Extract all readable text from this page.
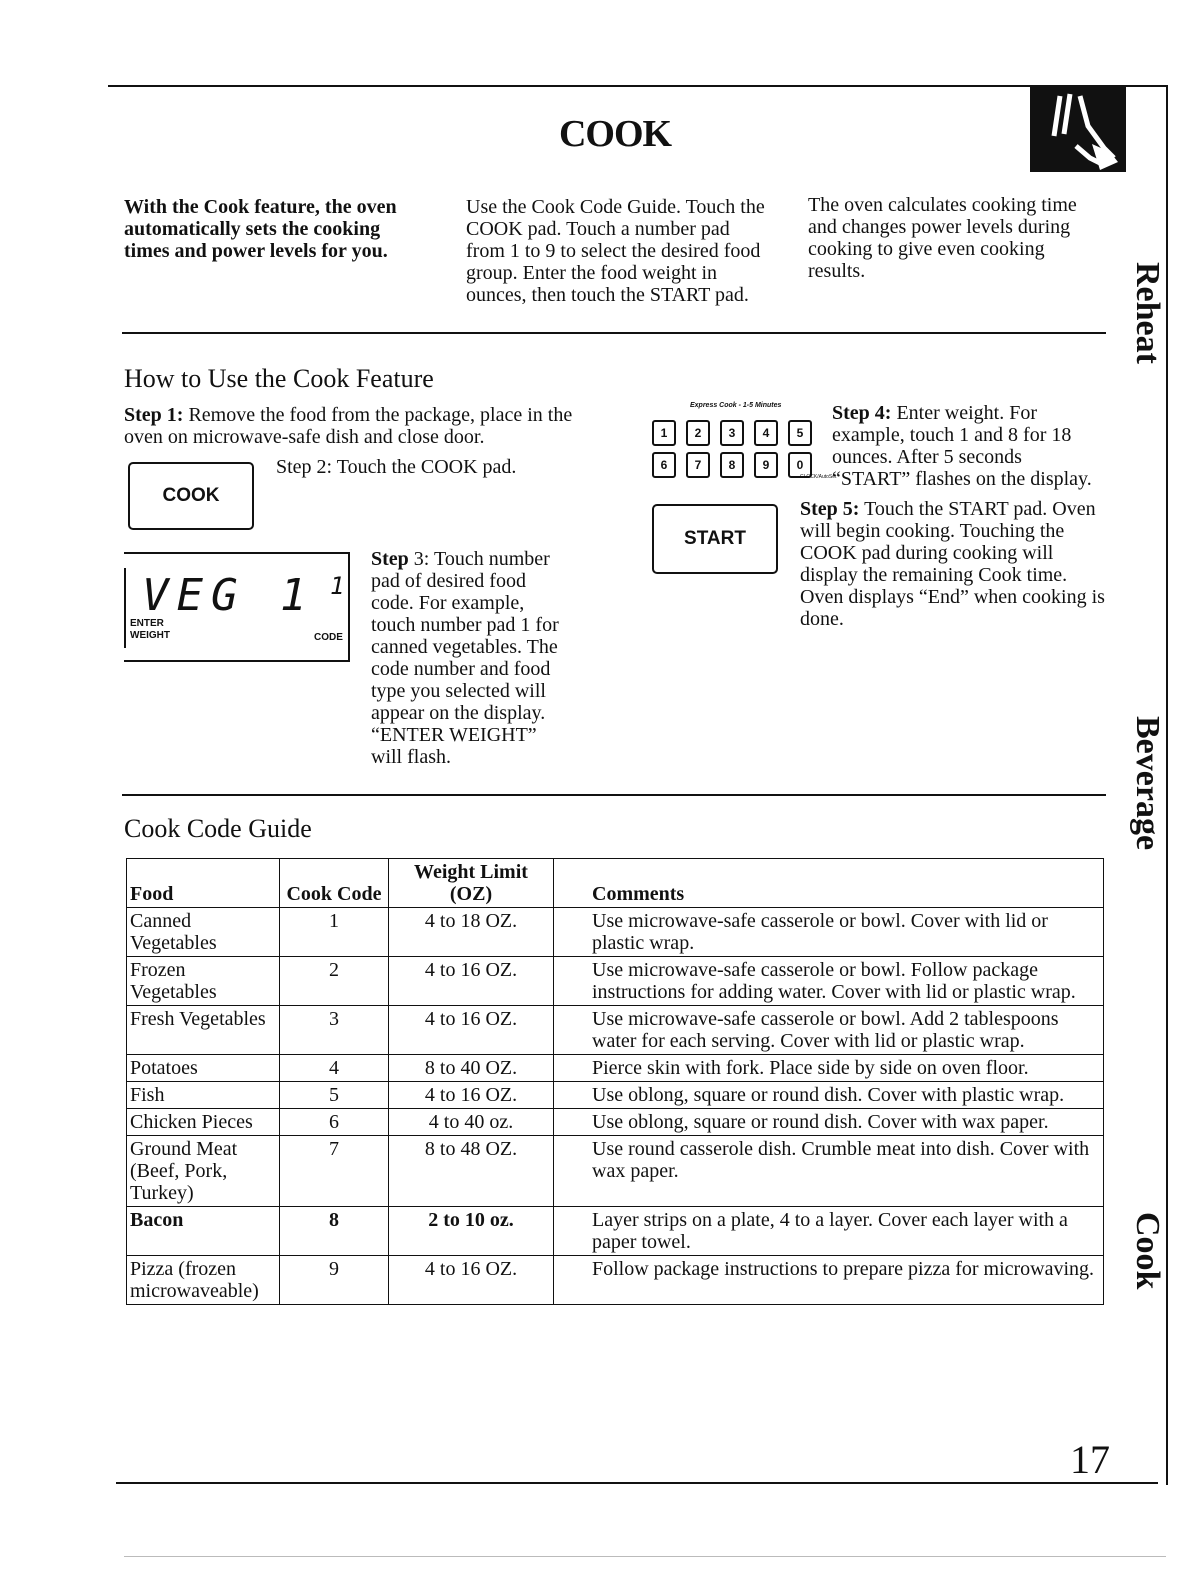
COOK
With the Cook feature, the oven automatically sets the cooking times and power levels for you.
Use the Cook Code Guide. Touch the COOK pad. Touch a number pad from 1 to 9 to select the desired food group. Enter the food weight in ounces, then touch the START pad.
The oven calculates cooking time and changes power levels during cooking to give even cooking results.
How to Use the Cook Feature
Step 1: Remove the food from the package, place in the oven on microwave-safe dish and close door.
COOK
Step 2: Touch the COOK pad.
VEG 1 1
ENTER
WEIGHT	CODE
Step 3: Touch number pad of desired food code. For example, touch number pad 1 for canned vegetables. The code number and food type you selected will appear on the display. “ENTER WEIGHT” will flash.
Express Cook - 1-5 Minutes
1	2	3	4	5
6	7	8	9	0
CLOCK/AutoSet
Step 4: Enter weight. For example, touch 1 and 8 for 18 ounces. After 5 seconds “START” flashes on the display.
START
Step 5: Touch the START pad. Oven will begin cooking. Touching the COOK pad during cooking will display the remaining Cook time. Oven displays “End” when cooking is done.
Cook Code Guide
Food	Cook Code	Weight Limit (OZ)	Comments
Canned Vegetables	1	4 to 18 OZ.	Use microwave-safe casserole or bowl. Cover with lid or plastic wrap.
Frozen Vegetables	2	4 to 16 OZ.	Use microwave-safe casserole or bowl. Follow package instructions for adding water. Cover with lid or plastic wrap.
Fresh Vegetables	3	4 to 16 OZ.	Use microwave-safe casserole or bowl. Add 2 tablespoons water for each serving. Cover with lid or plastic wrap.
Potatoes	4	8 to 40 OZ.	Pierce skin with fork. Place side by side on oven floor.
Fish	5	4 to 16 OZ.	Use oblong, square or round dish. Cover with plastic wrap.
Chicken Pieces	6	4 to 40 oz.	Use oblong, square or round dish. Cover with wax paper.
Ground Meat (Beef, Pork, Turkey)	7	8 to 48 OZ.	Use round casserole dish. Crumble meat into dish. Cover with wax paper.
Bacon	8	2 to 10 oz.	Layer strips on a plate, 4 to a layer. Cover each layer with a paper towel.
Pizza (frozen microwaveable)	9	4 to 16 OZ.	Follow package instructions to prepare pizza for microwaving.
Reheat
Beverage
Cook
17
